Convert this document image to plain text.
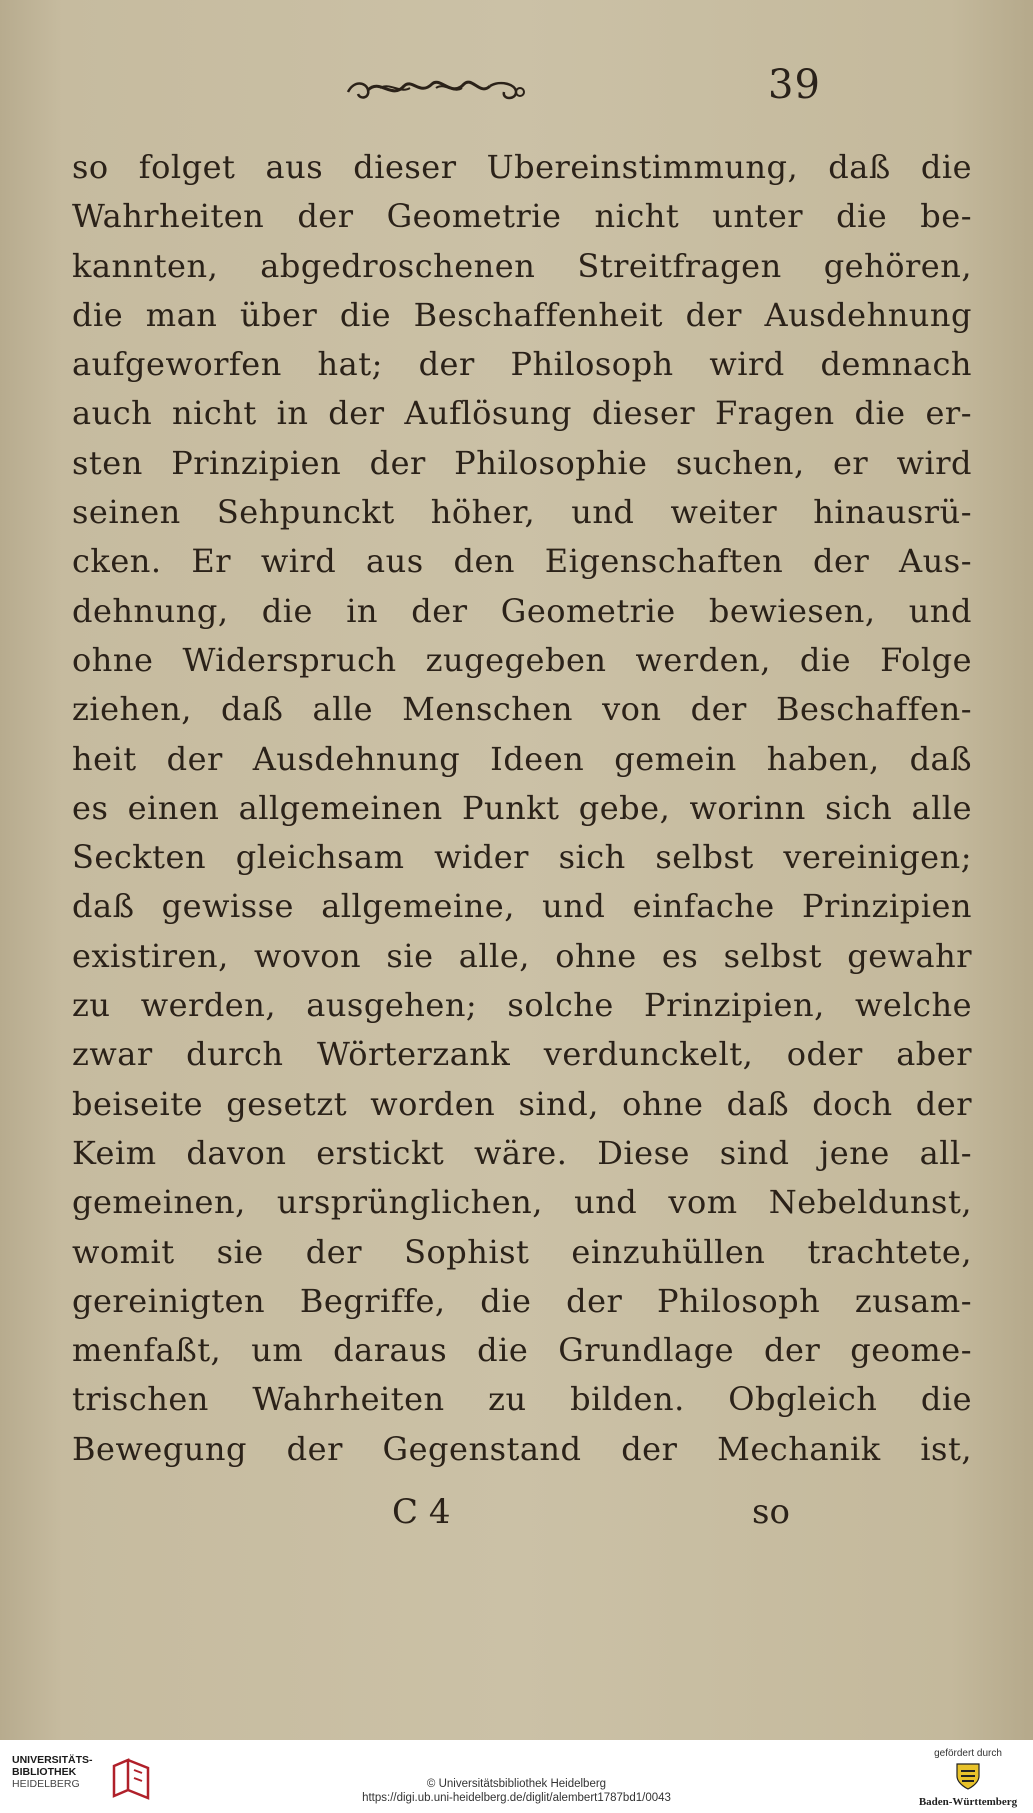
39
so folget aus dieser Ubereinstimmung, daß die
Wahrheiten der Geometrie nicht unter die be-
kannten, abgedroschenen Streitfragen gehören,
die man über die Beschaffenheit der Ausdehnung
aufgeworfen hat; der Philosoph wird demnach
auch nicht in der Auflösung dieser Fragen die er-
sten Prinzipien der Philosophie suchen, er wird
seinen Sehpunckt höher, und weiter hinausrü-
cken. Er wird aus den Eigenschaften der Aus-
dehnung, die in der Geometrie bewiesen, und
ohne Widerspruch zugegeben werden, die Folge
ziehen, daß alle Menschen von der Beschaffen-
heit der Ausdehnung Ideen gemein haben, daß
es einen allgemeinen Punkt gebe, worinn sich alle
Seckten gleichsam wider sich selbst vereinigen;
daß gewisse allgemeine, und einfache Prinzipien
existiren, wovon sie alle, ohne es selbst gewahr
zu werden, ausgehen; solche Prinzipien, welche
zwar durch Wörterzank verdunckelt, oder aber
beiseite gesetzt worden sind, ohne daß doch der
Keim davon erstickt wäre. Diese sind jene all-
gemeinen, ursprünglichen, und vom Nebeldunst,
womit sie der Sophist einzuhüllen trachtete,
gereinigten Begriffe, die der Philosoph zusam-
menfaßt, um daraus die Grundlage der geome-
trischen Wahrheiten zu bilden. Obgleich die
Bewegung der Gegenstand der Mechanik ist,
C 4	so
UNIVERSITÄTS-
BIBLIOTHEK
HEIDELBERG	© Universitätsbibliothek Heidelberg
https://digi.ub.uni-heidelberg.de/diglit/alembert1787bd1/0043
gefördert durch
Baden-Württemberg
